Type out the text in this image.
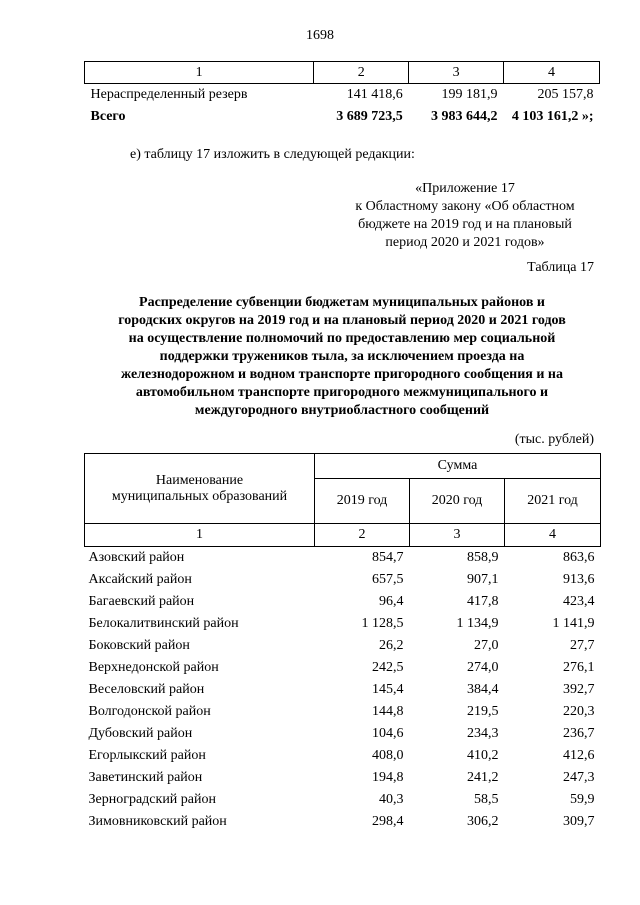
1698
1	2	3	4
Нераспределенный резерв	141 418,6	199 181,9	205 157,8
Всего	3 689 723,5	3 983 644,2	4 103 161,2 »;
е) таблицу 17 изложить в следующей редакции:
«Приложение 17
к Областному закону «Об областном
бюджете на 2019 год и на плановый
период 2020 и 2021 годов»
Таблица 17
Распределение субвенции бюджетам муниципальных районов и
городских округов на 2019 год и на плановый период 2020 и 2021 годов
на осуществление полномочий по предоставлению мер социальной
поддержки тружеников тыла, за исключением проезда на
железнодорожном и водном транспорте пригородного сообщения и на
автомобильном транспорте пригородного межмуниципального и
междугородного внутриобластного сообщений
(тыс. рублей)
Наименование
муниципальных образований	Сумма		
	2019 год	2020 год	2021 год
1	2	3	4
Азовский район	854,7	858,9	863,6
Аксайский район	657,5	907,1	913,6
Багаевский район	96,4	417,8	423,4
Белокалитвинский район	1 128,5	1 134,9	1 141,9
Боковский район	26,2	27,0	27,7
Верхнедонской район	242,5	274,0	276,1
Веселовский район	145,4	384,4	392,7
Волгодонской район	144,8	219,5	220,3
Дубовский район	104,6	234,3	236,7
Егорлыкский район	408,0	410,2	412,6
Заветинский район	194,8	241,2	247,3
Зерноградский район	40,3	58,5	59,9
Зимовниковский район	298,4	306,2	309,7
